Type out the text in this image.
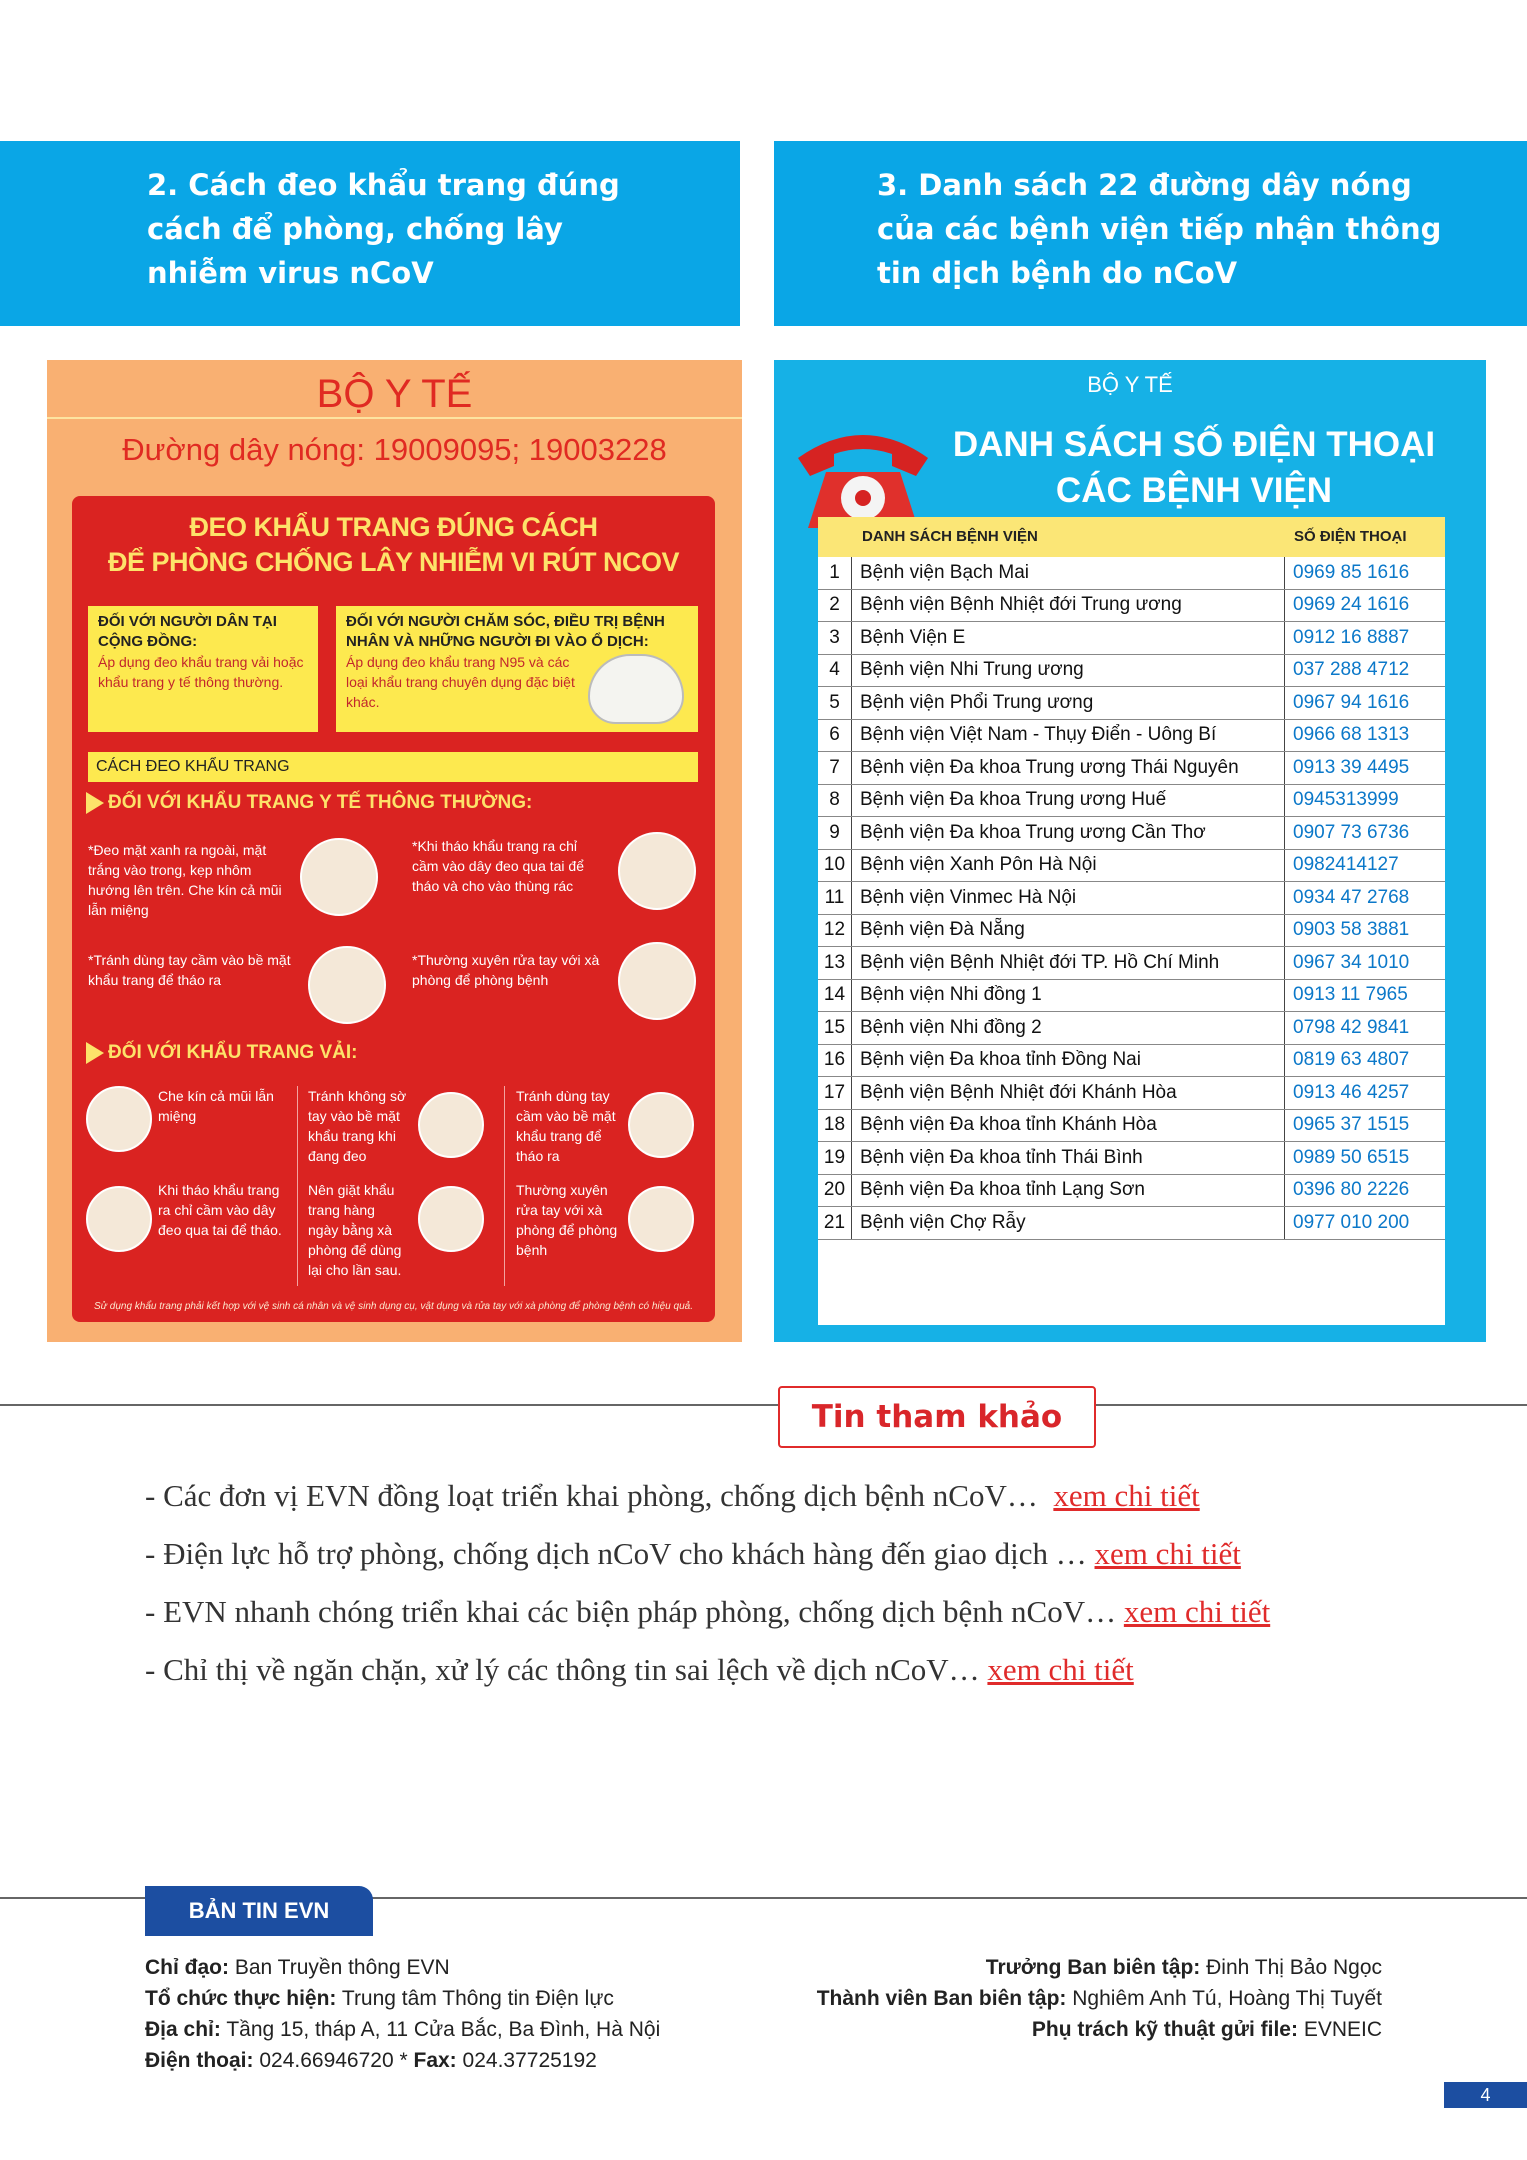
2. Cách đeo khẩu trang đúng
cách để phòng, chống lây
nhiễm virus nCoV
3. Danh sách 22 đường dây nóng
của các bệnh viện tiếp nhận thông
tin dịch bệnh do nCoV
BỘ Y TẾ
Đường dây nóng: 19009095; 19003228
ĐEO KHẨU TRANG ĐÚNG CÁCH
ĐỂ PHÒNG CHỐNG LÂY NHIỄM VI RÚT NCOV
ĐỐI VỚI NGƯỜI DÂN TẠI CỘNG ĐỒNG:
Áp dụng đeo khẩu trang vải hoặc khẩu trang y tế thông thường.
ĐỐI VỚI NGƯỜI CHĂM SÓC, ĐIỀU TRỊ BỆNH NHÂN VÀ NHỮNG NGƯỜI ĐI VÀO Ổ DỊCH:
Áp dụng đeo khẩu trang N95 và các loại khẩu trang chuyên dụng đặc biệt khác.
CÁCH ĐEO KHẨU TRANG
ĐỐI VỚI KHẨU TRANG Y TẾ THÔNG THƯỜNG:
*Đeo mặt xanh ra ngoài, mặt trắng vào trong, kẹp nhôm hướng lên trên. Che kín cả mũi lẫn miệng
*Khi tháo khẩu trang ra chỉ cầm vào dây đeo qua tai để tháo và cho vào thùng rác
*Tránh dùng tay cầm vào bề mặt khẩu trang để tháo ra
*Thường xuyên rửa tay với xà phòng để phòng bệnh
ĐỐI VỚI KHẨU TRANG VẢI:
Che kín cả mũi lẫn miệng
Tránh không sờ tay vào bề mặt khẩu trang khi đang đeo
Tránh dùng tay cầm vào bề mặt khẩu trang để tháo ra
Khi tháo khẩu trang ra chỉ cầm vào dây đeo qua tai để tháo.
Nên giặt khẩu trang hàng ngày bằng xà phòng để dùng lại cho lần sau.
Thường xuyên rửa tay với xà phòng để phòng bệnh
Sử dụng khẩu trang phải kết hợp với vệ sinh cá nhân và vệ sinh dụng cụ, vật dụng và rửa tay với xà phòng để phòng bệnh có hiệu quả.
BỘ Y TẾ
DANH SÁCH SỐ ĐIỆN THOẠI
CÁC BỆNH VIỆN
DANH SÁCH BỆNH VIỆN	SỐ ĐIỆN THOẠI
1	Bệnh viện Bạch Mai	0969 85 1616
2	Bệnh viện Bệnh Nhiệt đới Trung ương	0969 24 1616
3	Bệnh Viện E	0912 16 8887
4	Bệnh viện Nhi Trung ương	037 288 4712
5	Bệnh viện Phổi Trung ương	0967 94 1616
6	Bệnh viện Việt Nam - Thụy Điển - Uông Bí	0966 68 1313
7	Bệnh viện Đa khoa Trung ương Thái Nguyên	0913 39 4495
8	Bệnh viện Đa khoa Trung ương Huế	0945313999
9	Bệnh viện Đa khoa Trung ương Cần Thơ	0907 73 6736
10	Bệnh viện Xanh Pôn Hà Nội	0982414127
11	Bệnh viện Vinmec Hà Nội	0934 47 2768
12	Bệnh viện Đà Nẵng	0903 58 3881
13	Bệnh viện Bệnh Nhiệt đới TP. Hồ Chí Minh	0967 34 1010
14	Bệnh viện Nhi đồng 1	0913 11 7965
15	Bệnh viện Nhi đồng 2	0798 42 9841
16	Bệnh viện Đa khoa tỉnh Đồng Nai	0819 63 4807
17	Bệnh viện Bệnh Nhiệt đới Khánh Hòa	0913 46 4257
18	Bệnh viện Đa khoa tỉnh Khánh Hòa	0965 37 1515
19	Bệnh viện Đa khoa tỉnh Thái Bình	0989 50 6515
20	Bệnh viện Đa khoa tỉnh Lạng Sơn	0396 80 2226
21	Bệnh viện Chợ Rẫy	0977 010 200
Tin tham khảo
- Các đơn vị EVN đồng loạt triển khai phòng, chống dịch bệnh nCoV… xem chi tiết
- Điện lực hỗ trợ phòng, chống dịch nCoV cho khách hàng đến giao dịch … xem chi tiết
- EVN nhanh chóng triển khai các biện pháp phòng, chống dịch bệnh nCoV… xem chi tiết
- Chỉ thị về ngăn chặn, xử lý các thông tin sai lệch về dịch nCoV… xem chi tiết
BẢN TIN EVN
Chỉ đạo: Ban Truyền thông EVN
Tổ chức thực hiện: Trung tâm Thông tin Điện lực
Địa chỉ: Tầng 15, tháp A, 11 Cửa Bắc, Ba Đình, Hà Nội
Điện thoại: 024.66946720 * Fax: 024.37725192
Trưởng Ban biên tập: Đinh Thị Bảo Ngọc
Thành viên Ban biên tập: Nghiêm Anh Tú, Hoàng Thị Tuyết
Phụ trách kỹ thuật gửi file: EVNEIC
4
